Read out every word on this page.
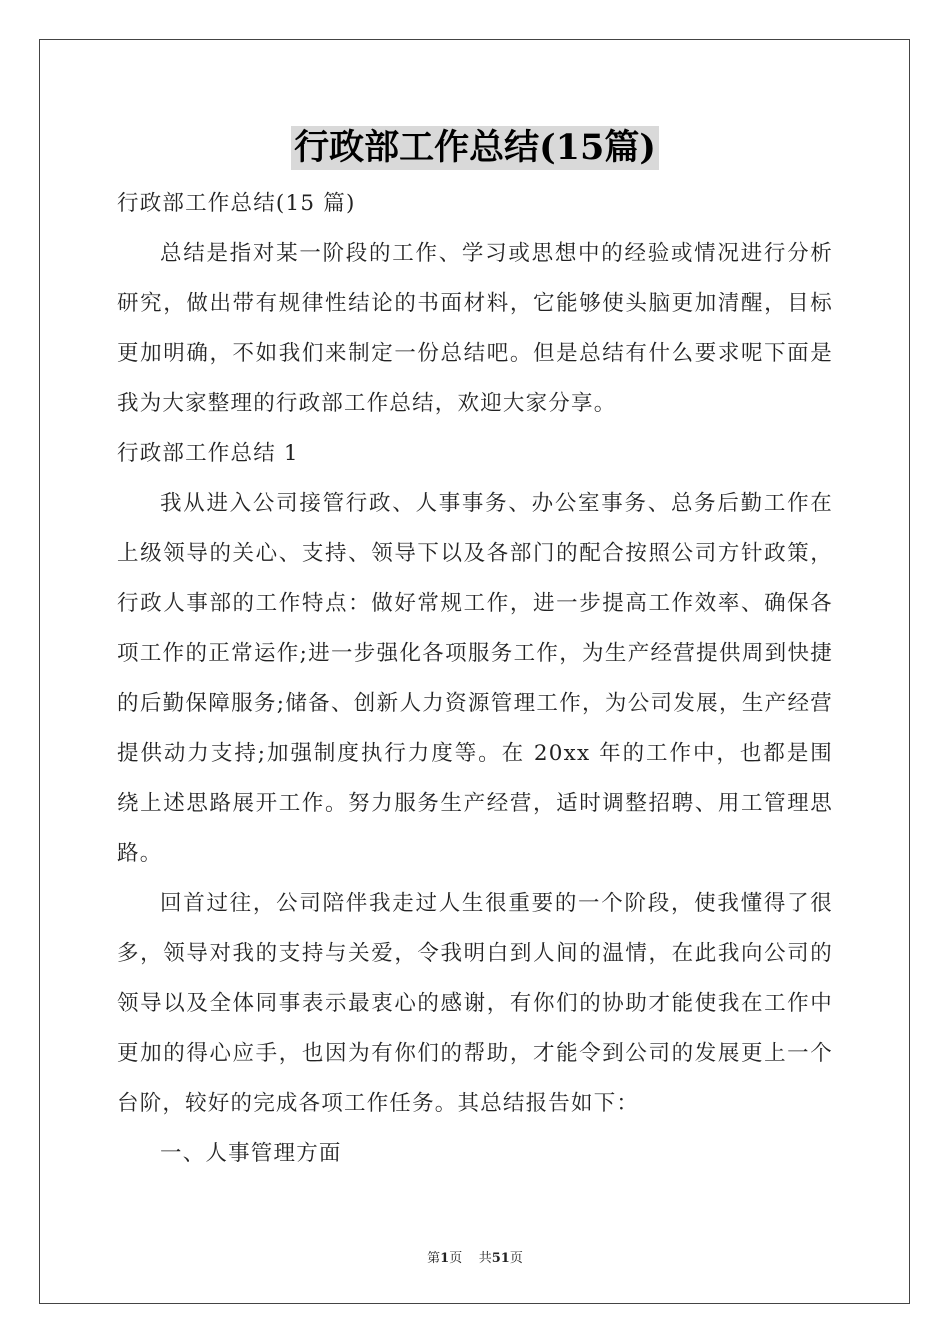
行政部工作总结(15篇)

行政部工作总结(15 篇)

总结是指对某一阶段的工作、学习或思想中的经验或情况进行分析研究，做出带有规律性结论的书面材料，它能够使头脑更加清醒，目标更加明确，不如我们来制定一份总结吧。但是总结有什么要求呢下面是我为大家整理的行政部工作总结，欢迎大家分享。

行政部工作总结 1

我从进入公司接管行政、人事事务、办公室事务、总务后勤工作在上级领导的关心、支持、领导下以及各部门的配合按照公司方针政策，行政人事部的工作特点：做好常规工作，进一步提高工作效率、确保各项工作的正常运作;进一步强化各项服务工作，为生产经营提供周到快捷的后勤保障服务;储备、创新人力资源管理工作，为公司发展，生产经营提供动力支持;加强制度执行力度等。在 20xx 年的工作中，也都是围绕上述思路展开工作。努力服务生产经营，适时调整招聘、用工管理思路。

回首过往，公司陪伴我走过人生很重要的一个阶段，使我懂得了很多，领导对我的支持与关爱，令我明白到人间的温情，在此我向公司的领导以及全体同事表示最衷心的感谢，有你们的协助才能使我在工作中更加的得心应手，也因为有你们的帮助，才能令到公司的发展更上一个台阶，较好的完成各项工作任务。其总结报告如下：

一、人事管理方面

第1页 共51页
